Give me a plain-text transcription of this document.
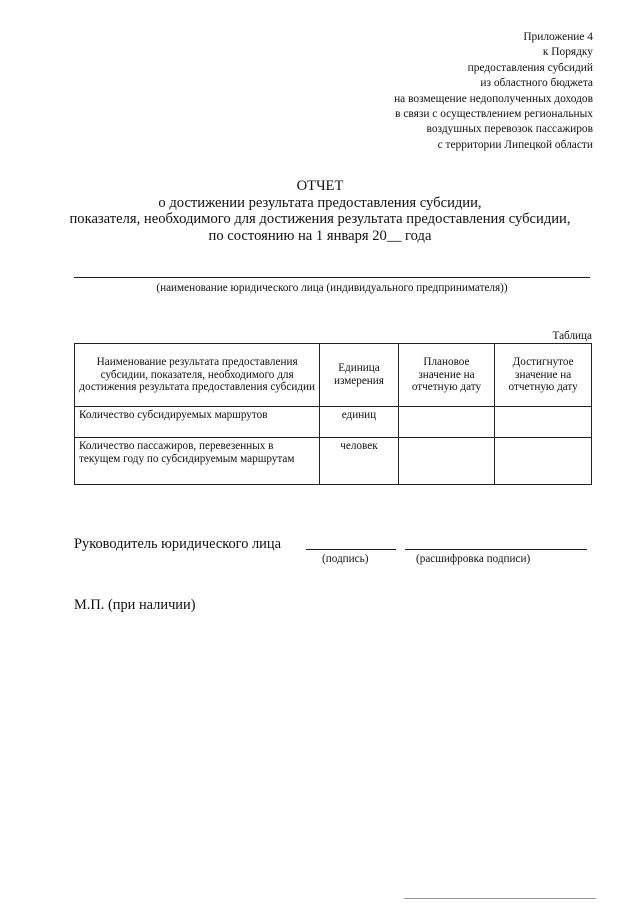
Приложение 4
к Порядку
предоставления субсидий
из областного бюджета
на возмещение недополученных доходов
в связи с осуществлением региональных
воздушных перевозок пассажиров
с территории Липецкой области
ОТЧЕТ
о достижении результата предоставления субсидии,
показателя, необходимого для достижения результата предоставления субсидии,
по состоянию на 1 января 20__ года
(наименование юридического лица (индивидуального предпринимателя))
Таблица
Наименование результата предоставления субсидии, показателя, необходимого для достижения результата предоставления субсидии	Единица измерения	Плановое значение на отчетную дату	Достигнутое значение на отчетную дату
Количество субсидируемых маршрутов	единиц		
Количество пассажиров, перевезенных в текущем году по субсидируемым маршрутам	человек		
Руководитель юридического лица
(подпись)	(расшифровка подписи)
М.П. (при наличии)
